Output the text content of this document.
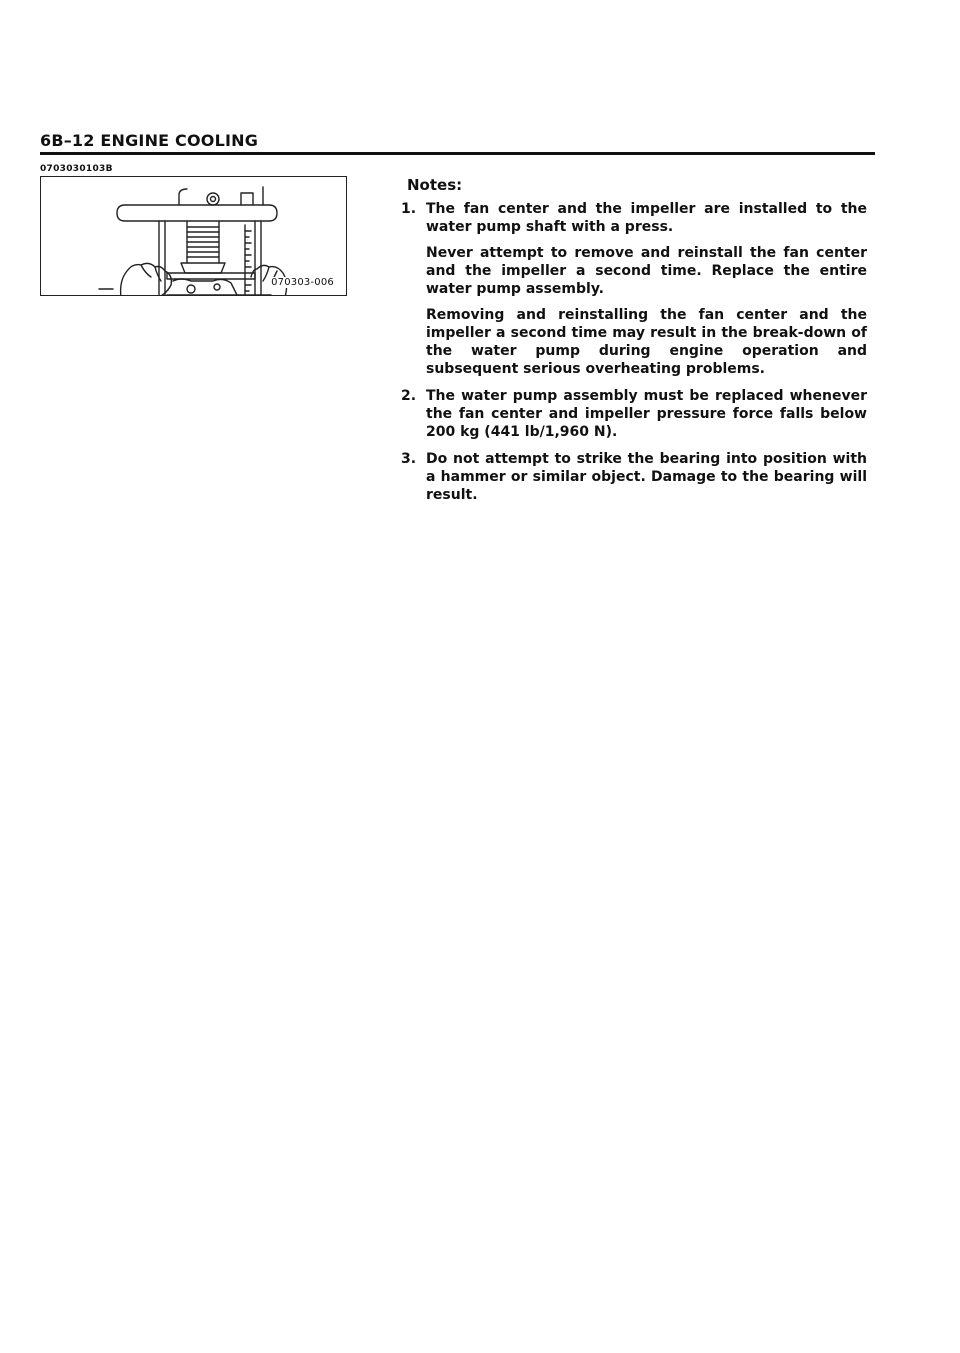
6B–12 ENGINE COOLING
0703030103B
070303-006
Notes:
1. The fan center and the impeller are installed to the water pump shaft with a press.

Never attempt to remove and reinstall the fan center and the impeller a second time. Replace the entire water pump assembly.

Removing and reinstalling the fan center and the impeller a second time may result in the break-down of the water pump during engine operation and subsequent serious overheating problems.

2. The water pump assembly must be replaced whenever the fan center and impeller pressure force falls below 200 kg (441 lb/1,960 N).

3. Do not attempt to strike the bearing into position with a hammer or similar object. Damage to the bearing will result.
